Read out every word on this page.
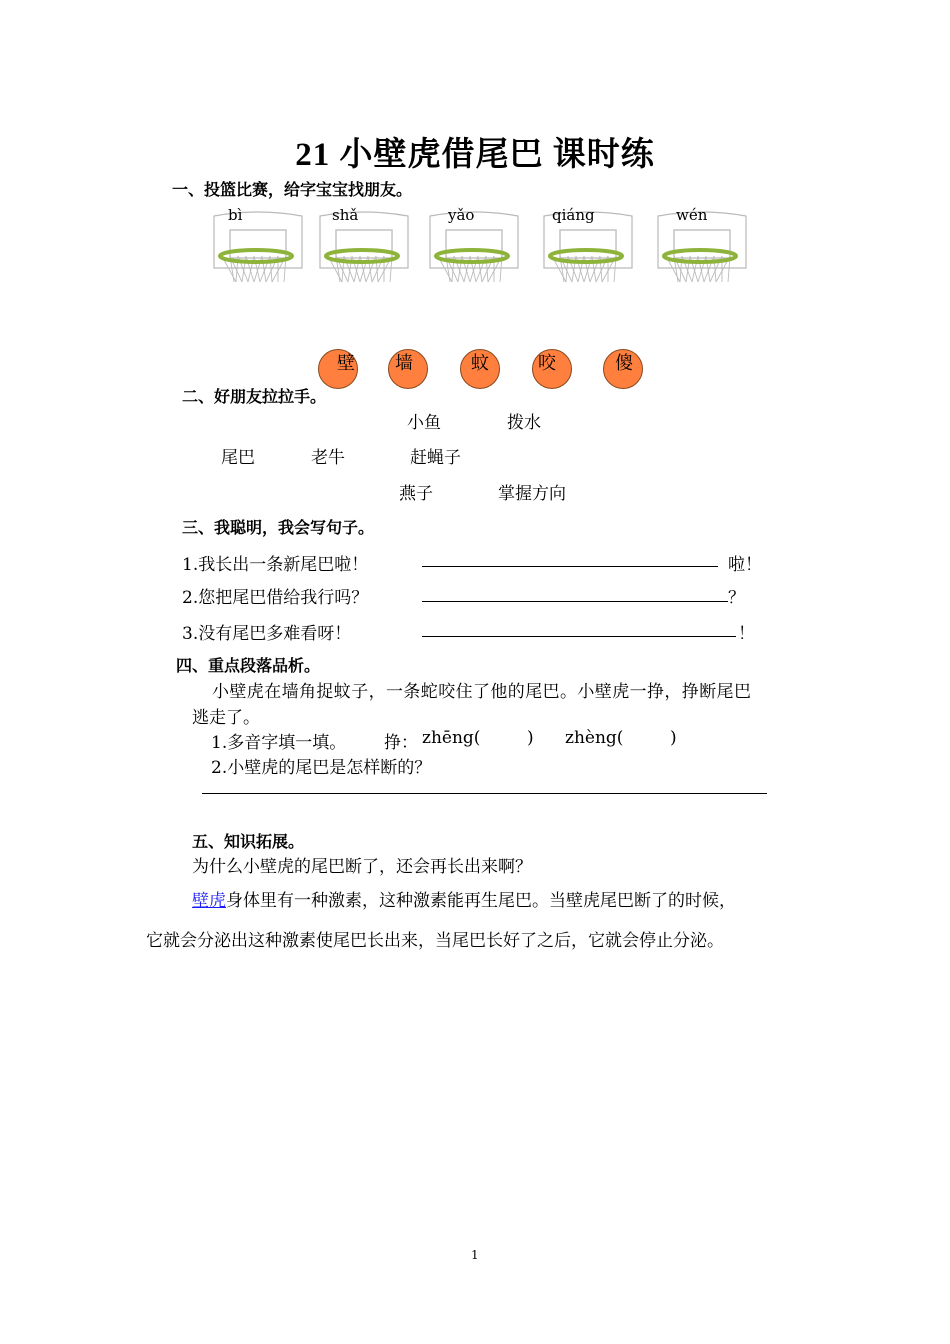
21 小壁虎借尾巴 课时练
一、投篮比赛，给字宝宝找朋友。
bì	shǎ	yǎo	qiáng	wén
壁 墙	蚊	咬	傻
二、好朋友拉拉手。
小鱼	拨水
尾巴	老牛	赶蝇子
燕子	掌握方向
三、我聪明，我会写句子。
1.我长出一条新尾巴啦！	啦！
2.您把尾巴借给我行吗？	？
3.没有尾巴多难看呀！	！
四、重点段落品析。
小壁虎在墙角捉蚊子，一条蛇咬住了他的尾巴。小壁虎一挣，挣断尾巴
逃走了。
1.多音字填一填。 挣： zhēng(	) zhèng(	)
2.小壁虎的尾巴是怎样断的？
五、知识拓展。
为什么小壁虎的尾巴断了，还会再长出来啊？
壁虎身体里有一种激素，这种激素能再生尾巴。当壁虎尾巴断了的时候，
它就会分泌出这种激素使尾巴长出来，当尾巴长好了之后，它就会停止分泌。
1
